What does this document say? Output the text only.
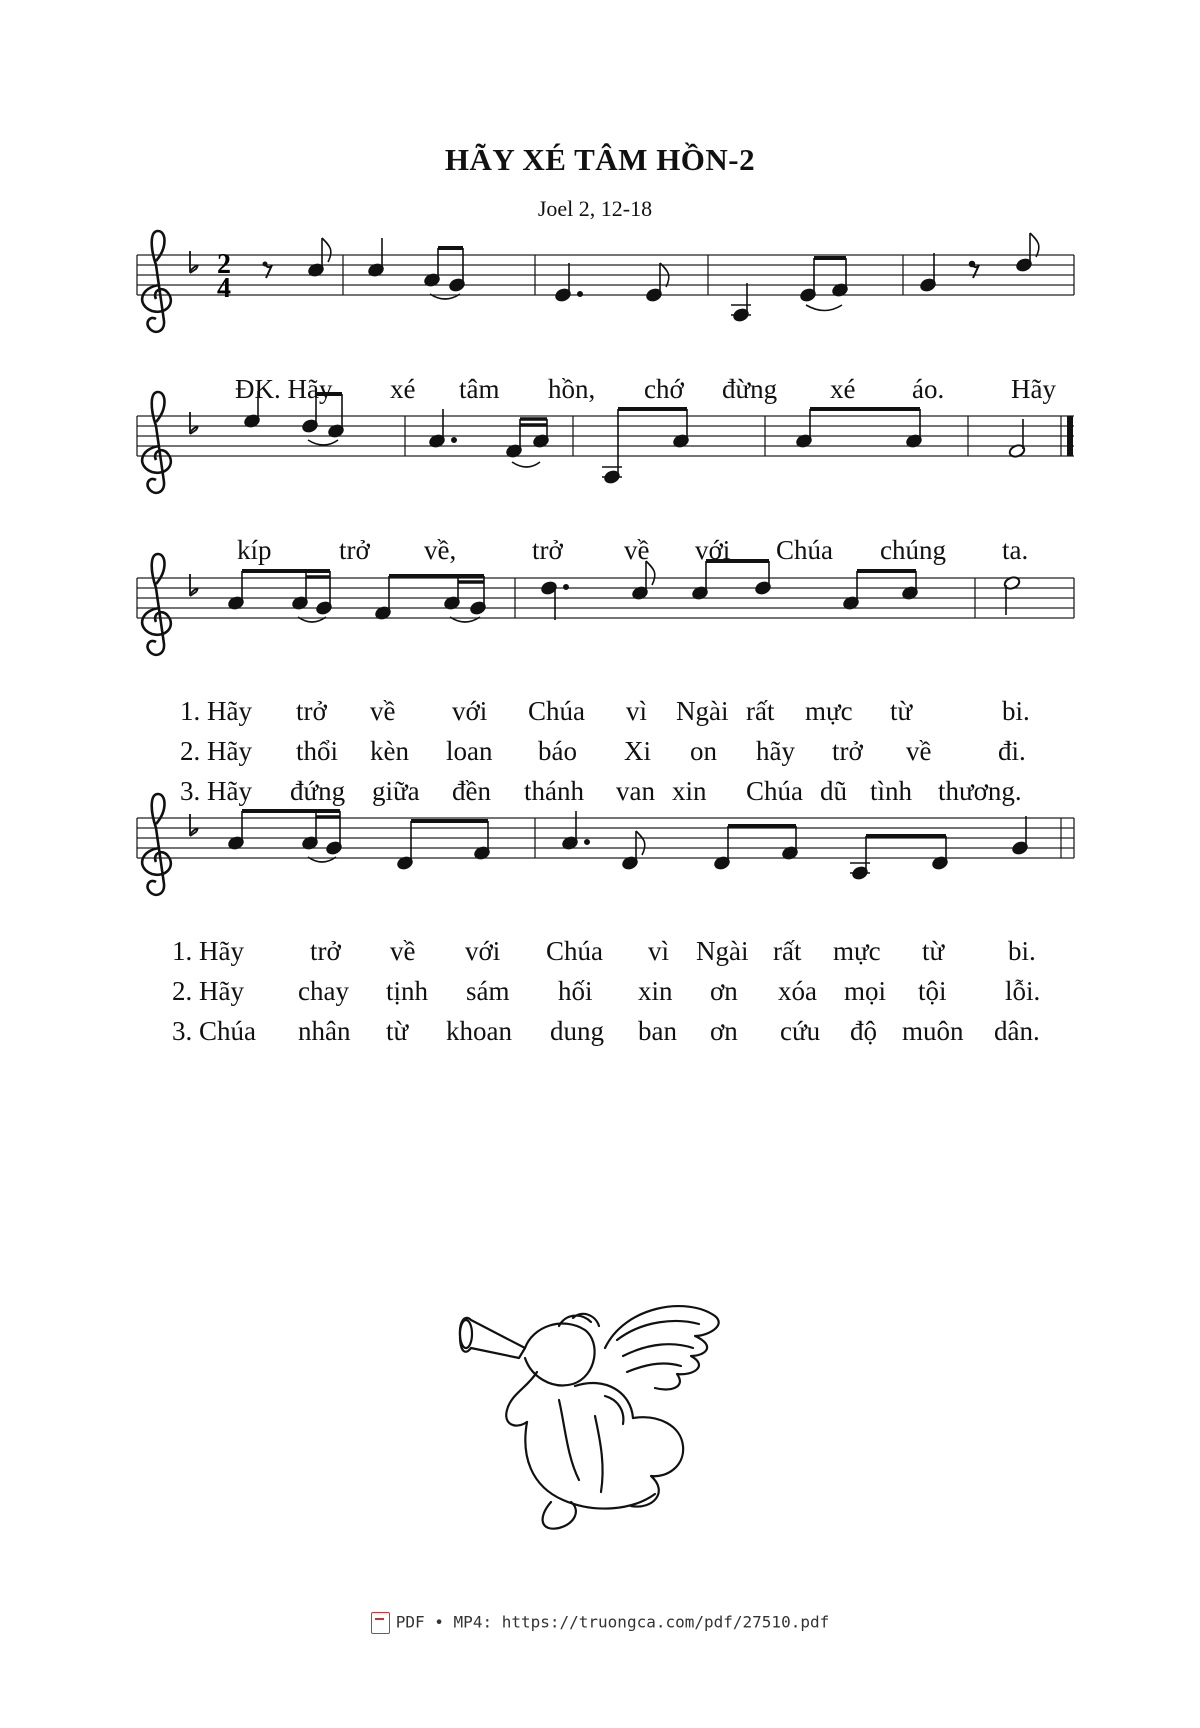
HÃY XÉ TÂM HỒN-2
Joel 2, 12-18
2
4
ĐK. Hãy xé tâm hồn, chớ đừng xé áo. Hãy
kíp trở về,	trở về với Chúa chúng ta.
1. Hãy trở về với Chúa vì Ngài rất mực từ	bi.
2. Hãy thổi kèn loan báo Xi on hãy trở về đi.
3. Hãy đứng giữa đền thánh van xin Chúa dũ tình thương.
1. Hãy trở về với Chúa vì Ngài rất mực từ bi.
2. Hãy chay tịnh sám hối xin ơn xóa mọi tội lỗi.
3. Chúa nhân từ khoan dung ban ơn cứu độ muôn dân.
PDF • MP4: https://truongca.com/pdf/27510.pdf
